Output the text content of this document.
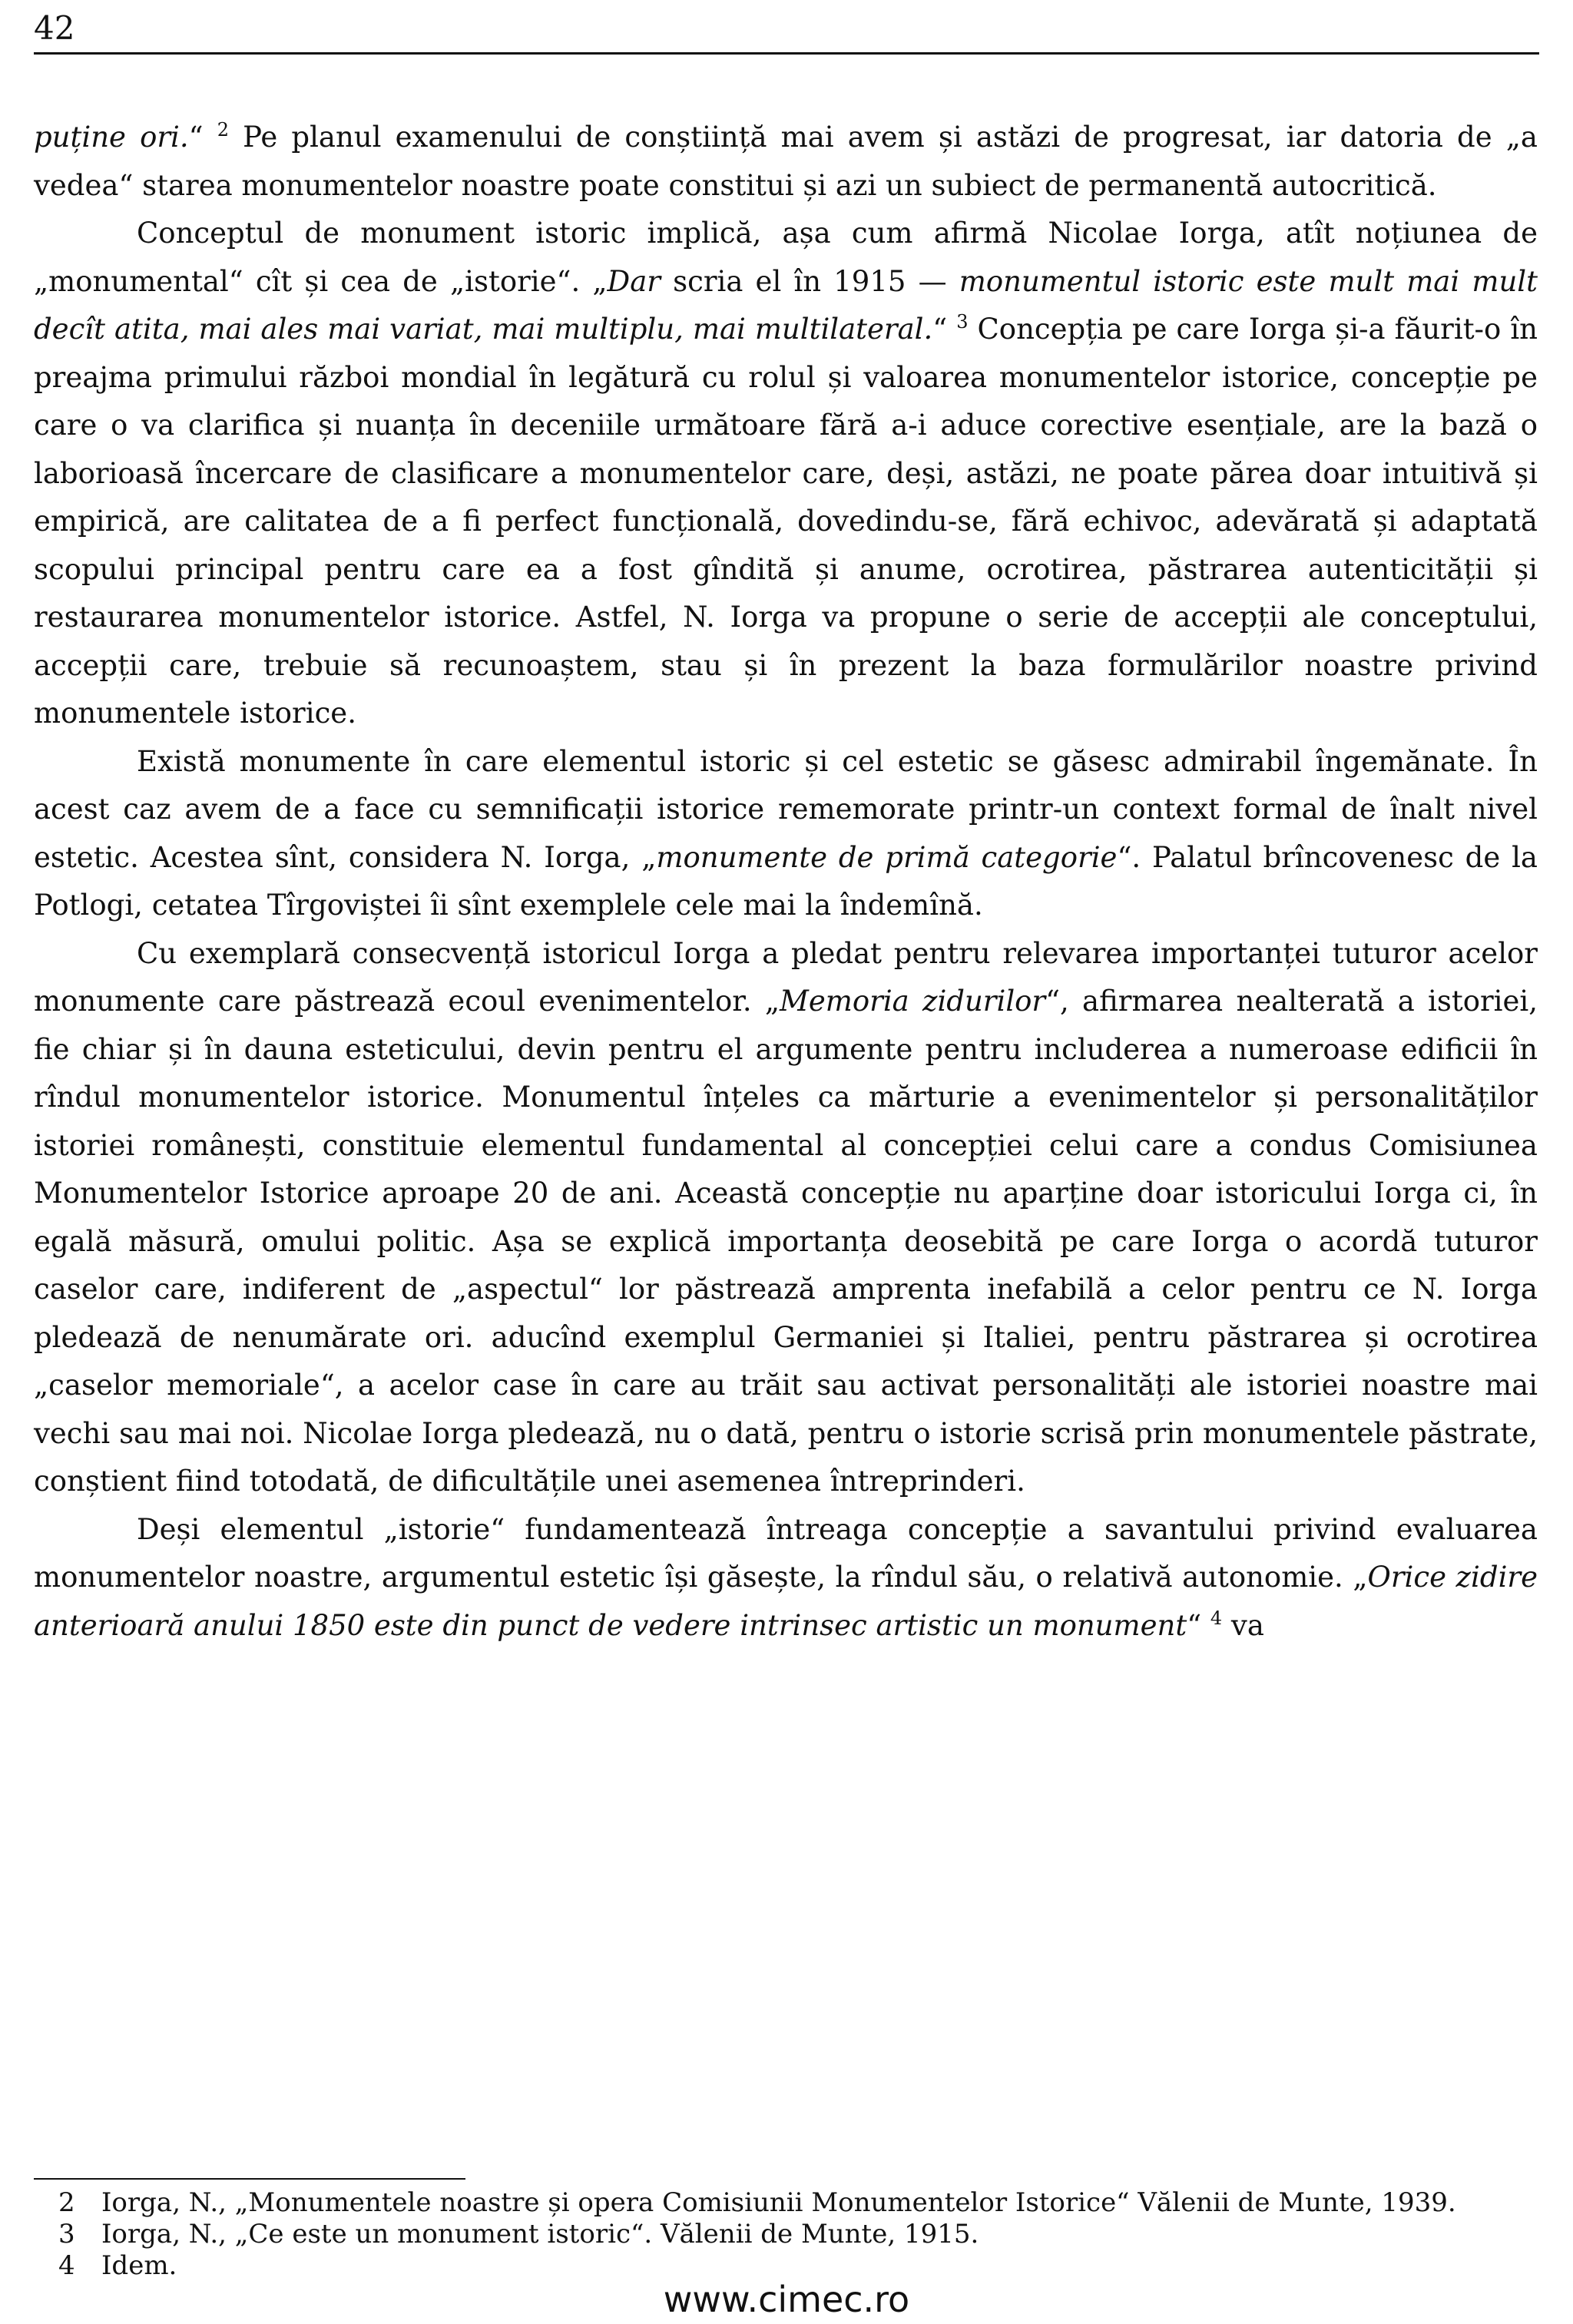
42

puține ori.“ $^2$ Pe planul examenului de conștiință mai avem și astăzi de progresat, iar datoria de „a vedea“ starea monumentelor noastre poate constitui și azi un subiect de permanentă autocritică.

Conceptul de monument istoric implică, așa cum afirmă Nicolae Iorga, atît noțiunea de „monumental“ cît și cea de „istorie“. „Dar scria el în 1915 — monumentul istoric este mult mai mult decît atita, mai ales mai variat, mai multiplu, mai multilateral.“ $^3$ Concepția pe care Iorga și-a făurit-o în preajma primului război mondial în legătură cu rolul și valoarea monumentelor istorice, concepție pe care o va clarifica și nuanța în deceniile următoare fără a-i aduce corective esențiale, are la bază o laborioasă încercare de clasificare a monumentelor care, deși, astăzi, ne poate părea doar intuitivă și empirică, are calitatea de a fi perfect funcțională, dovedindu-se, fără echivoc, adevărată și adaptată scopului principal pentru care ea a fost gîndită și anume, ocrotirea, păstrarea autenticității și restaurarea monumentelor istorice. Astfel, N. Iorga va propune o serie de accepții ale conceptului, accepții care, trebuie să recunoaștem, stau și în prezent la baza formulărilor noastre privind monumentele istorice.

Există monumente în care elementul istoric și cel estetic se găsesc admirabil îngemănate. În acest caz avem de a face cu semnificații istorice rememorate printr-un context formal de înalt nivel estetic. Acestea sînt, considera N. Iorga, „monumente de primă categorie“. Palatul brîncovenesc de la Potlogi, cetatea Tîrgoviștei îi sînt exemplele cele mai la îndemînă.

Cu exemplară consecvență istoricul Iorga a pledat pentru relevarea importanței tuturor acelor monumente care păstrează ecoul evenimentelor. „Memoria zidurilor“, afirmarea nealterată a istoriei, fie chiar și în dauna esteticului, devin pentru el argumente pentru includerea a numeroase edificii în rîndul monumentelor istorice. Monumentul înțeles ca mărturie a evenimentelor și personalităților istoriei românești, constituie elementul fundamental al concepției celui care a condus Comisiunea Monumentelor Istorice aproape 20 de ani. Această concepție nu aparține doar istoricului Iorga ci, în egală măsură, omului politic. Așa se explică importanța deosebită pe care Iorga o acordă tuturor caselor care, indiferent de „aspectul“ lor păstrează amprenta inefabilă a celor pentru ce N. Iorga pledează de nenumărate ori. aducînd exemplul Germaniei și Italiei, pentru păstrarea și ocrotirea „caselor memoriale“, a acelor case în care au trăit sau activat personalități ale istoriei noastre mai vechi sau mai noi. Nicolae Iorga pledează, nu o dată, pentru o istorie scrisă prin monumentele păstrate, conștient fiind totodată, de dificultățile unei asemenea întreprinderi.

Deși elementul „istorie“ fundamentează întreaga concepție a savantului privind evaluarea monumentelor noastre, argumentul estetic își găsește, la rîndul său, o relativă autonomie. „Orice zidire anterioară anului 1850 este din punct de vedere intrinsec artistic un monument“ $^4$ va

2	Iorga, N., „Monumentele noastre și opera Comisiunii Monumentelor Istorice“ Vălenii de Munte, 1939.
3	Iorga, N., „Ce este un monument istoric“. Vălenii de Munte, 1915.
4	Idem.
www.cimec.ro
